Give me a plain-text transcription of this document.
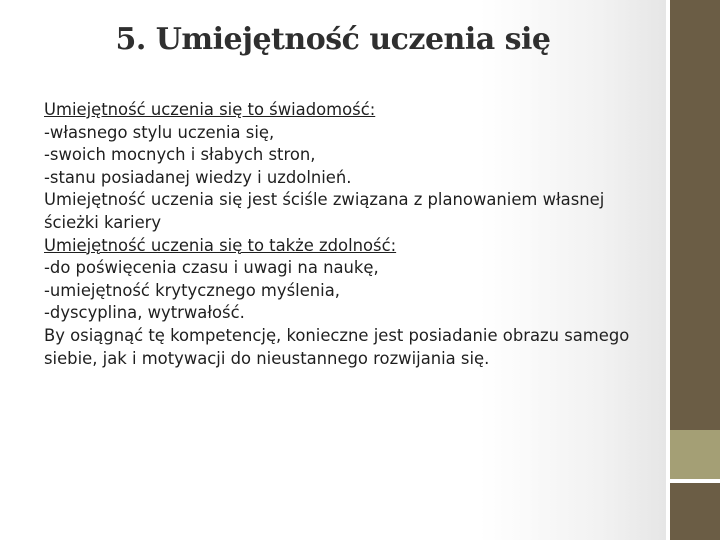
5. Umiejętność uczenia się

Umiejętność uczenia się to świadomość:

-własnego stylu uczenia się,

-swoich mocnych i słabych stron,

-stanu posiadanej wiedzy i uzdolnień.

Umiejętność uczenia się jest ściśle związana z planowaniem własnej ścieżki kariery

Umiejętność uczenia się to także zdolność:

-do poświęcenia czasu i uwagi na naukę,

-umiejętność krytycznego myślenia,

-dyscyplina, wytrwałość.

By osiągnąć tę kompetencję, konieczne jest posiadanie obrazu samego siebie, jak i motywacji do nieustannego rozwijania się.
